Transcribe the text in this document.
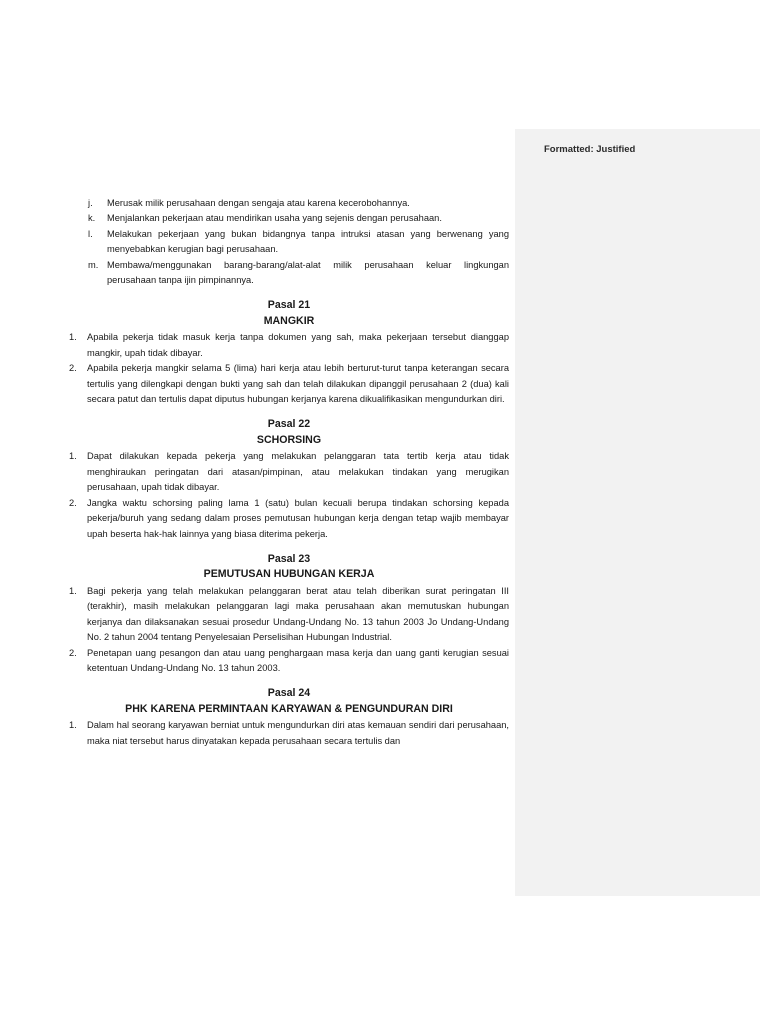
Formatted: Justified
j.	Merusak milik perusahaan dengan sengaja atau karena kecerobohannya.
k.	Menjalankan pekerjaan atau mendirikan usaha yang sejenis dengan perusahaan.
l.	Melakukan pekerjaan yang bukan bidangnya tanpa intruksi atasan yang berwenang yang menyebabkan kerugian bagi perusahaan.
m. Membawa/menggunakan barang-barang/alat-alat milik perusahaan keluar lingkungan perusahaan tanpa ijin pimpinannya.
Pasal 21
MANGKIR
1.	Apabila pekerja tidak masuk kerja tanpa dokumen yang sah, maka pekerjaan tersebut dianggap mangkir, upah tidak dibayar.
2.	Apabila pekerja mangkir selama 5 (lima) hari kerja atau lebih berturut-turut tanpa keterangan secara tertulis yang dilengkapi dengan bukti yang sah dan telah dilakukan dipanggil perusahaan 2 (dua) kali secara patut dan tertulis dapat diputus hubungan kerjanya karena dikualifikasikan mengundurkan diri.
Pasal 22
SCHORSING
1.	Dapat dilakukan kepada pekerja yang melakukan pelanggaran tata tertib kerja atau tidak menghiraukan peringatan dari atasan/pimpinan, atau melakukan tindakan yang merugikan perusahaan, upah tidak dibayar.
2.	Jangka waktu schorsing paling lama 1 (satu) bulan kecuali berupa tindakan schorsing kepada pekerja/buruh yang sedang dalam proses pemutusan hubungan kerja dengan tetap wajib membayar upah beserta hak-hak lainnya yang biasa diterima pekerja.
Pasal 23
PEMUTUSAN HUBUNGAN KERJA
1.	Bagi pekerja yang telah melakukan pelanggaran berat atau telah diberikan surat peringatan III (terakhir), masih melakukan pelanggaran lagi maka perusahaan akan memutuskan hubungan kerjanya dan dilaksanakan sesuai prosedur Undang-Undang No. 13 tahun 2003 Jo Undang-Undang No. 2 tahun 2004 tentang Penyelesaian Perselisihan Hubungan Industrial.
2.	Penetapan uang pesangon dan atau uang penghargaan masa kerja dan uang ganti kerugian sesuai ketentuan Undang-Undang No. 13 tahun 2003.
Pasal 24
PHK KARENA PERMINTAAN KARYAWAN & PENGUNDURAN DIRI
1.	Dalam hal seorang karyawan berniat untuk mengundurkan diri atas kemauan sendiri dari perusahaan, maka niat tersebut harus dinyatakan kepada perusahaan secara tertulis dan
